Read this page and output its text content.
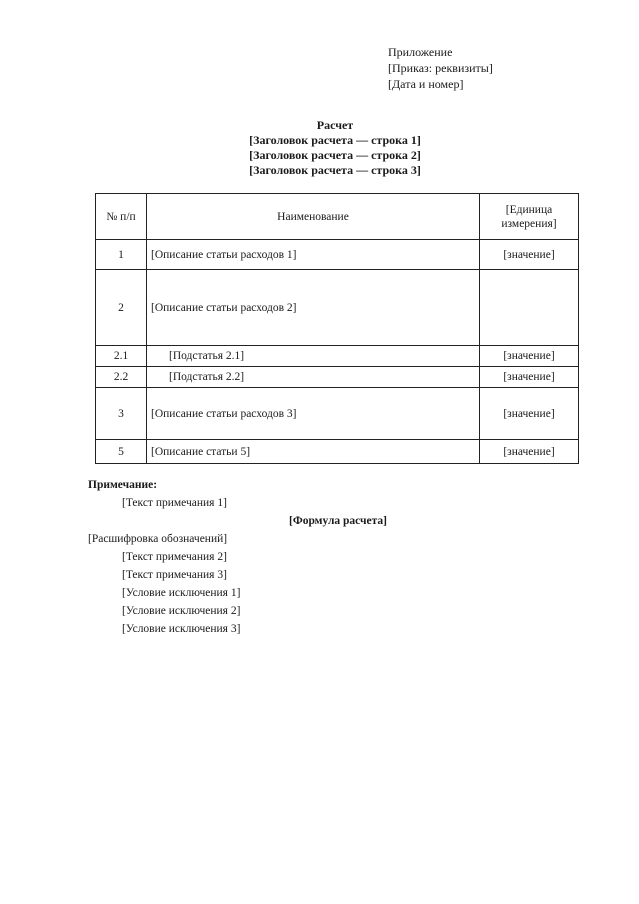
Приложение
[Приказ: реквизиты]
[Дата и номер]
Расчет
[Заголовок расчета — строка 1]
[Заголовок расчета — строка 2]
[Заголовок расчета — строка 3]
№ п/п	Наименование	[Единица измерения]
1	[Описание статьи расходов 1]	[значение]
2	[Описание статьи расходов 2]	
2.1	[Подстатья 2.1]	[значение]
2.2	[Подстатья 2.2]	[значение]
3	[Описание статьи расходов 3]	[значение]
5	[Описание статьи 5]	[значение]

Примечание:

[Текст примечания 1]

[Формула расчета]

[Расшифровка обозначений]

[Текст примечания 2]

[Текст примечания 3]

[Условие исключения 1]

[Условие исключения 2]

[Условие исключения 3]
